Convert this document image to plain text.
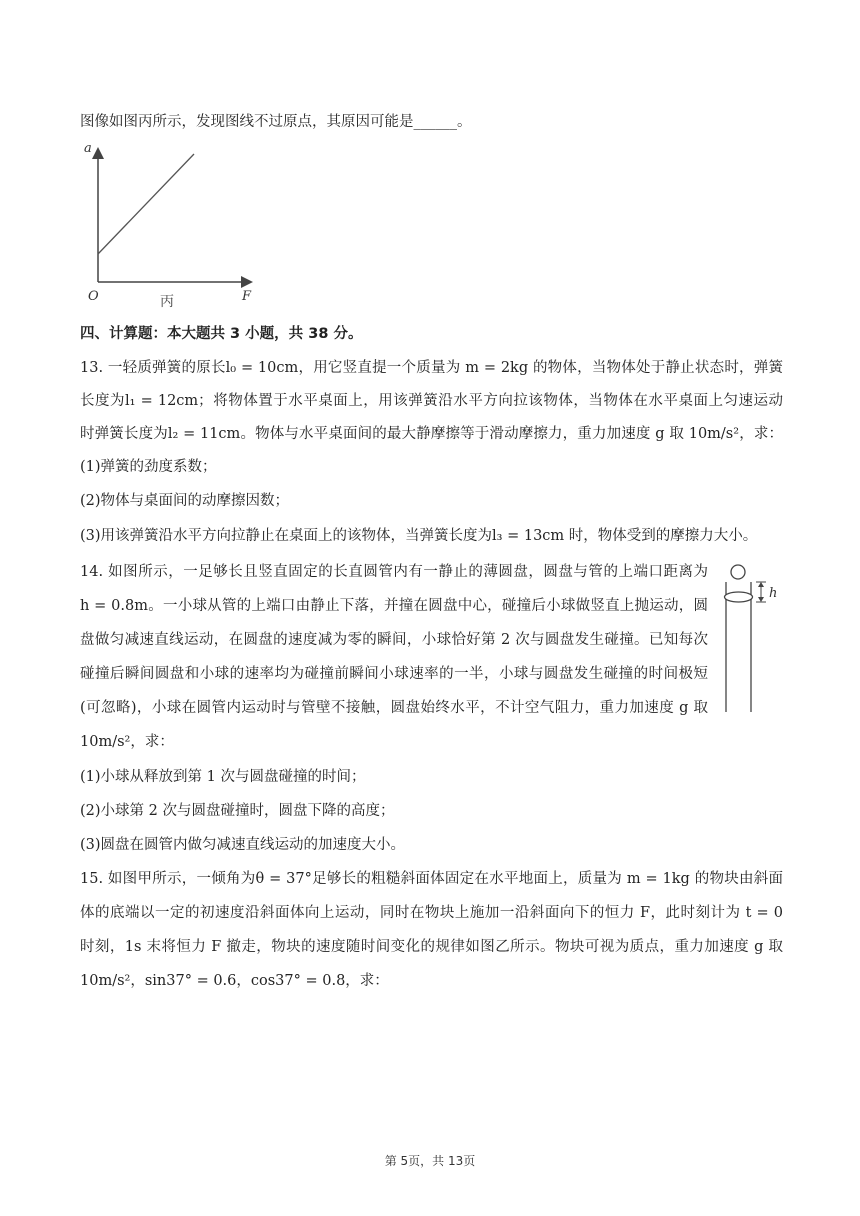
图像如图丙所示，发现图线不过原点，其原因可能是______。
a
F
O	丙
四、计算题：本大题共 3 小题，共 38 分。
13. 一轻质弹簧的原长l₀ = 10cm，用它竖直提一个质量为 m = 2kg 的物体，当物体处于静止状态时，弹簧
长度为l₁ = 12cm；将物体置于水平桌面上，用该弹簧沿水平方向拉该物体，当物体在水平桌面上匀速运动
时弹簧长度为l₂ = 11cm。物体与水平桌面间的最大静摩擦等于滑动摩擦力，重力加速度 g 取 10m/s²，求：
(1)弹簧的劲度系数；
(2)物体与桌面间的动摩擦因数；
(3)用该弹簧沿水平方向拉静止在桌面上的该物体，当弹簧长度为l₃ = 13cm 时，物体受到的摩擦力大小。
14. 如图所示，一足够长且竖直固定的长直圆管内有一静止的薄圆盘，圆盘与管的上端口距离为
h = 0.8m。一小球从管的上端口由静止下落，并撞在圆盘中心，碰撞后小球做竖直上抛运动，圆
盘做匀减速直线运动，在圆盘的速度减为零的瞬间，小球恰好第 2 次与圆盘发生碰撞。已知每次
碰撞后瞬间圆盘和小球的速率均为碰撞前瞬间小球速率的一半，小球与圆盘发生碰撞的时间极短
(可忽略)，小球在圆管内运动时与管壁不接触，圆盘始终水平，不计空气阻力，重力加速度 g 取
10m/s²，求：
h
(1)小球从释放到第 1 次与圆盘碰撞的时间；
(2)小球第 2 次与圆盘碰撞时，圆盘下降的高度；
(3)圆盘在圆管内做匀减速直线运动的加速度大小。
15. 如图甲所示，一倾角为θ = 37°足够长的粗糙斜面体固定在水平地面上，质量为 m = 1kg 的物块由斜面
体的底端以一定的初速度沿斜面体向上运动，同时在物块上施加一沿斜面向下的恒力 F，此时刻计为 t = 0
时刻，1s 末将恒力 F 撤走，物块的速度随时间变化的规律如图乙所示。物块可视为质点，重力加速度 g 取
10m/s²，sin37° = 0.6，cos37° = 0.8，求：
第 5页，共 13页
